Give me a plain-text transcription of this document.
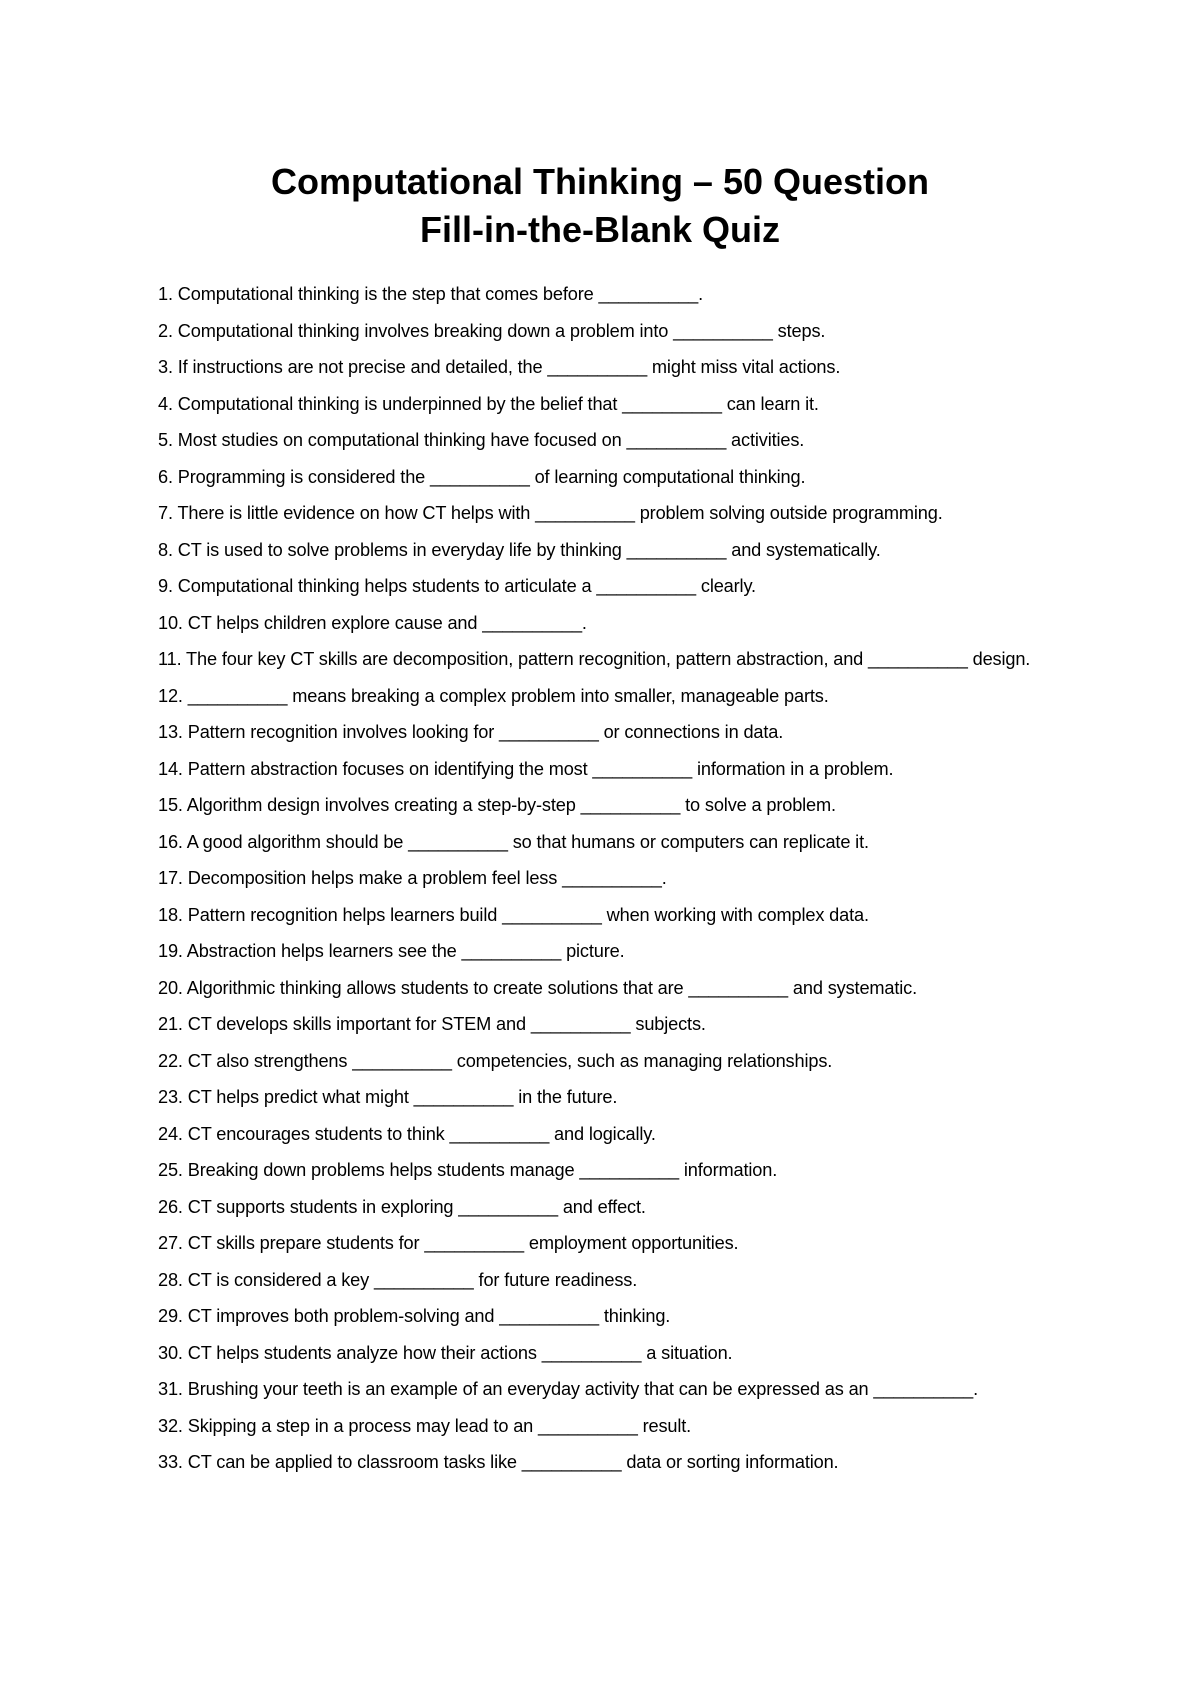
Computational Thinking – 50 Question
Fill-in-the-Blank Quiz
1. Computational thinking is the step that comes before __________.
2. Computational thinking involves breaking down a problem into __________ steps.
3. If instructions are not precise and detailed, the __________ might miss vital actions.
4. Computational thinking is underpinned by the belief that __________ can learn it.
5. Most studies on computational thinking have focused on __________ activities.
6. Programming is considered the __________ of learning computational thinking.
7. There is little evidence on how CT helps with __________ problem solving outside programming.
8. CT is used to solve problems in everyday life by thinking __________ and systematically.
9. Computational thinking helps students to articulate a __________ clearly.
10. CT helps children explore cause and __________.
11. The four key CT skills are decomposition, pattern recognition, pattern abstraction, and __________ design.
12. __________ means breaking a complex problem into smaller, manageable parts.
13. Pattern recognition involves looking for __________ or connections in data.
14. Pattern abstraction focuses on identifying the most __________ information in a problem.
15. Algorithm design involves creating a step-by-step __________ to solve a problem.
16. A good algorithm should be __________ so that humans or computers can replicate it.
17. Decomposition helps make a problem feel less __________.
18. Pattern recognition helps learners build __________ when working with complex data.
19. Abstraction helps learners see the __________ picture.
20. Algorithmic thinking allows students to create solutions that are __________ and systematic.
21. CT develops skills important for STEM and __________ subjects.
22. CT also strengthens __________ competencies, such as managing relationships.
23. CT helps predict what might __________ in the future.
24. CT encourages students to think __________ and logically.
25. Breaking down problems helps students manage __________ information.
26. CT supports students in exploring __________ and effect.
27. CT skills prepare students for __________ employment opportunities.
28. CT is considered a key __________ for future readiness.
29. CT improves both problem-solving and __________ thinking.
30. CT helps students analyze how their actions __________ a situation.
31. Brushing your teeth is an example of an everyday activity that can be expressed as an __________.
32. Skipping a step in a process may lead to an __________ result.
33. CT can be applied to classroom tasks like __________ data or sorting information.
